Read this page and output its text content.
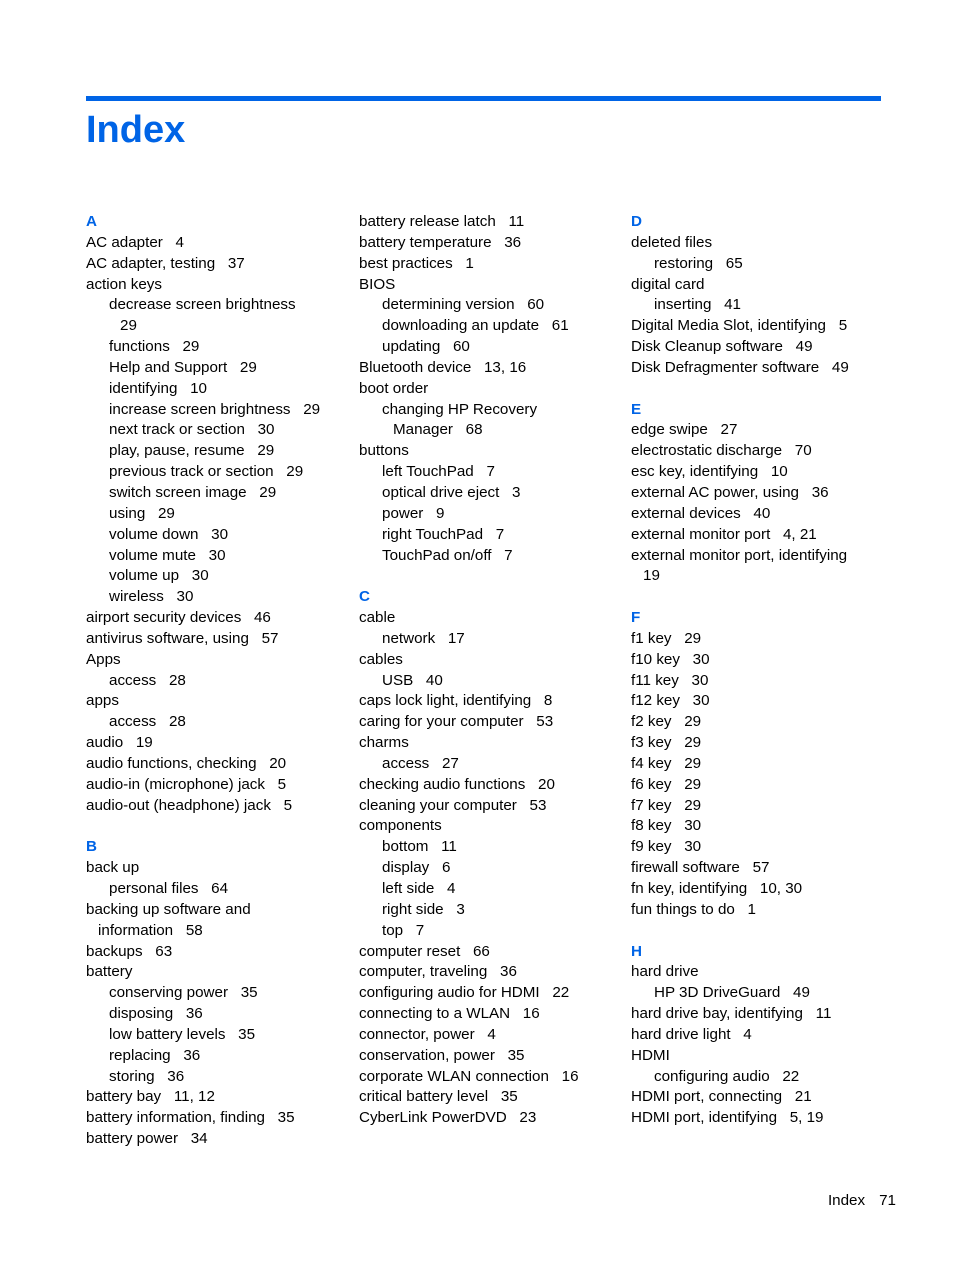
Index
A
AC adapter 4
AC adapter, testing 37
action keys
decrease screen brightness
29
functions 29
Help and Support 29
identifying 10
increase screen brightness 29
next track or section 30
play, pause, resume 29
previous track or section 29
switch screen image 29
using 29
volume down 30
volume mute 30
volume up 30
wireless 30
airport security devices 46
antivirus software, using 57
Apps
access 28
apps
access 28
audio 19
audio functions, checking 20
audio-in (microphone) jack 5
audio-out (headphone) jack 5
B
back up
personal files 64
backing up software and
information 58
backups 63
battery
conserving power 35
disposing 36
low battery levels 35
replacing 36
storing 36
battery bay 11, 12
battery information, finding 35
battery power 34
battery release latch 11
battery temperature 36
best practices 1
BIOS
determining version 60
downloading an update 61
updating 60
Bluetooth device 13, 16
boot order
changing HP Recovery
Manager 68
buttons
left TouchPad 7
optical drive eject 3
power 9
right TouchPad 7
TouchPad on/off 7
C
cable
network 17
cables
USB 40
caps lock light, identifying 8
caring for your computer 53
charms
access 27
checking audio functions 20
cleaning your computer 53
components
bottom 11
display 6
left side 4
right side 3
top 7
computer reset 66
computer, traveling 36
configuring audio for HDMI 22
connecting to a WLAN 16
connector, power 4
conservation, power 35
corporate WLAN connection 16
critical battery level 35
CyberLink PowerDVD 23
D
deleted files
restoring 65
digital card
inserting 41
Digital Media Slot, identifying 5
Disk Cleanup software 49
Disk Defragmenter software 49
E
edge swipe 27
electrostatic discharge 70
esc key, identifying 10
external AC power, using 36
external devices 40
external monitor port 4, 21
external monitor port, identifying
19
F
f1 key 29
f10 key 30
f11 key 30
f12 key 30
f2 key 29
f3 key 29
f4 key 29
f6 key 29
f7 key 29
f8 key 30
f9 key 30
firewall software 57
fn key, identifying 10, 30
fun things to do 1
H
hard drive
HP 3D DriveGuard 49
hard drive bay, identifying 11
hard drive light 4
HDMI
configuring audio 22
HDMI port, connecting 21
HDMI port, identifying 5, 19
Index 71
